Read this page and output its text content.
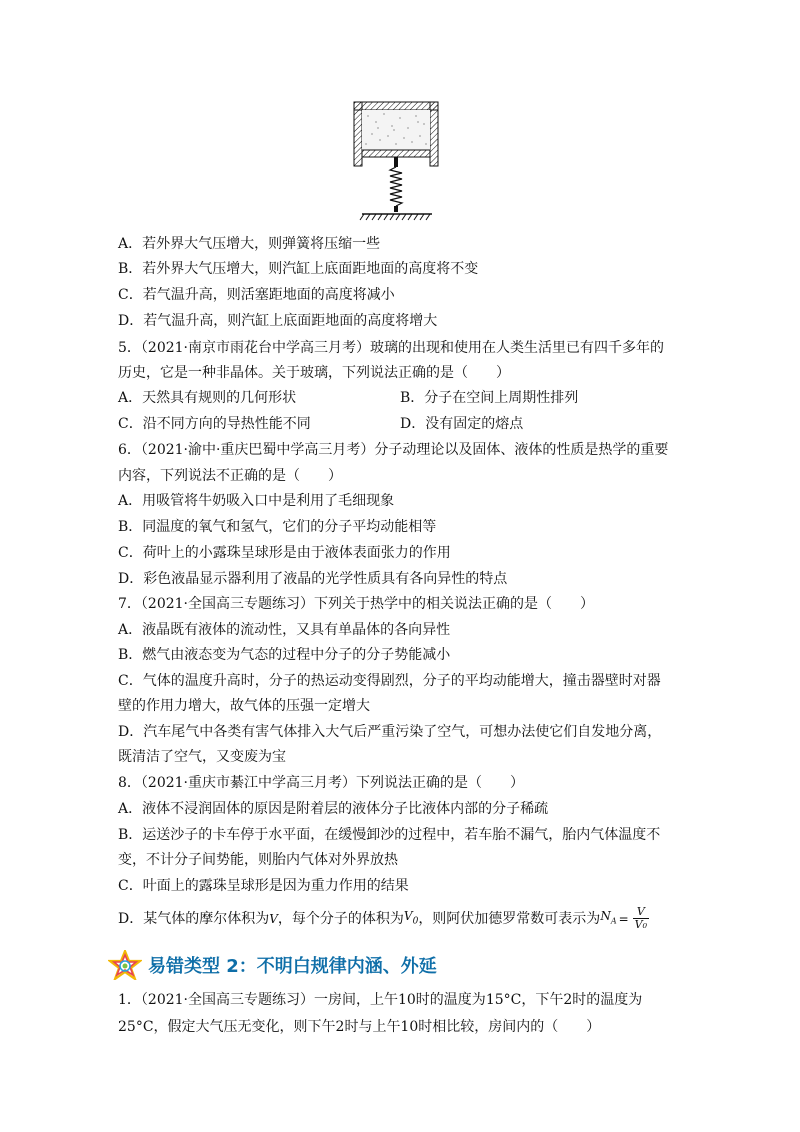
A．若外界大气压增大，则弹簧将压缩一些
B．若外界大气压增大，则汽缸上底面距地面的高度将不变
C．若气温升高，则活塞距地面的高度将减小
D．若气温升高，则汽缸上底面距地面的高度将增大
5．（2021·南京市雨花台中学高三月考）玻璃的出现和使用在人类生活里已有四千多年的
历史，它是一种非晶体。关于玻璃，下列说法正确的是（　　）
A．天然具有规则的几何形状	B．分子在空间上周期性排列
C．沿不同方向的导热性能不同	D．没有固定的熔点
6．（2021·渝中·重庆巴蜀中学高三月考）分子动理论以及固体、液体的性质是热学的重要
内容，下列说法不正确的是（　　）
A．用吸管将牛奶吸入口中是利用了毛细现象
B．同温度的氧气和氢气，它们的分子平均动能相等
C．荷叶上的小露珠呈球形是由于液体表面张力的作用
D．彩色液晶显示器利用了液晶的光学性质具有各向异性的特点
7．（2021·全国高三专题练习）下列关于热学中的相关说法正确的是（　　）
A．液晶既有液体的流动性，又具有单晶体的各向异性
B．燃气由液态变为气态的过程中分子的分子势能减小
C．气体的温度升高时，分子的热运动变得剧烈，分子的平均动能增大，撞击器壁时对器
壁的作用力增大，故气体的压强一定增大
D．汽车尾气中各类有害气体排入大气后严重污染了空气，可想办法使它们自发地分离，
既清洁了空气，又变废为宝
8．（2021·重庆市綦江中学高三月考）下列说法正确的是（　　）
A．液体不浸润固体的原因是附着层的液体分子比液体内部的分子稀疏
B．运送沙子的卡车停于水平面，在缓慢卸沙的过程中，若车胎不漏气，胎内气体温度不
变，不计分子间势能，则胎内气体对外界放热
C．叶面上的露珠呈球形是因为重力作用的结果
D．某气体的摩尔体积为 V ，每个分子的体积为 $V_0$ ，则阿伏加德罗常数可表示为 $N_A = \frac{V}{\text{V₀}}$
易错类型 2：不明白规律内涵、外延
1．（2021·全国高三专题练习）一房间，上午10时的温度为 15°C ，下午2时的温度为
25°C ，假定大气压无变化，则下午2时与上午10时相比较，房间内的（　　）
